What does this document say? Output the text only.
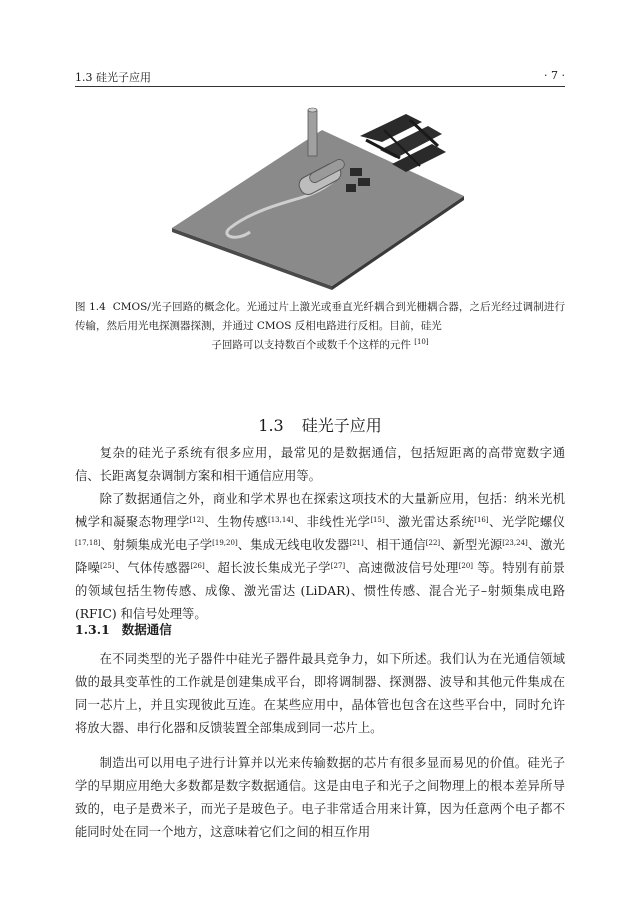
1.3 硅光子应用	· 7 ·
图 1.4 CMOS/光子回路的概念化。光通过片上激光或垂直光纤耦合到光栅耦合器，之后光经过调制进行传输，然后用光电探测器探测，并通过 CMOS 反相电路进行反相。目前，硅光
子回路可以支持数百个或数千个这样的元件 [10]
1.3 硅光子应用

复杂的硅光子系统有很多应用，最常见的是数据通信，包括短距离的高带宽数字通信、长距离复杂调制方案和相干通信应用等。

除了数据通信之外，商业和学术界也在探索这项技术的大量新应用，包括：纳米光机械学和凝聚态物理学[12]、生物传感[13,14]、非线性光学[15]、激光雷达系统[16]、光学陀螺仪[17,18]、射频集成光电子学[19,20]、集成无线电收发器[21]、相干通信[22]、新型光源[23,24]、激光降噪[25]、气体传感器[26]、超长波长集成光子学[27]、高速微波信号处理[20] 等。特别有前景的领域包括生物传感、成像、激光雷达 (LiDAR)、惯性传感、混合光子–射频集成电路 (RFIC) 和信号处理等。

1.3.1 数据通信

在不同类型的光子器件中硅光子器件最具竞争力，如下所述。我们认为在光通信领域做的最具变革性的工作就是创建集成平台，即将调制器、探测器、波导和其他元件集成在同一芯片上，并且实现彼此互连。在某些应用中，晶体管也包含在这些平台中，同时允许将放大器、串行化器和反馈装置全部集成到同一芯片上。

制造出可以用电子进行计算并以光来传输数据的芯片有很多显而易见的价值。硅光子学的早期应用绝大多数都是数字数据通信。这是由电子和光子之间物理上的根本差异所导致的，电子是费米子，而光子是玻色子。电子非常适合用来计算，因为任意两个电子都不能同时处在同一个地方，这意味着它们之间的相互作用
